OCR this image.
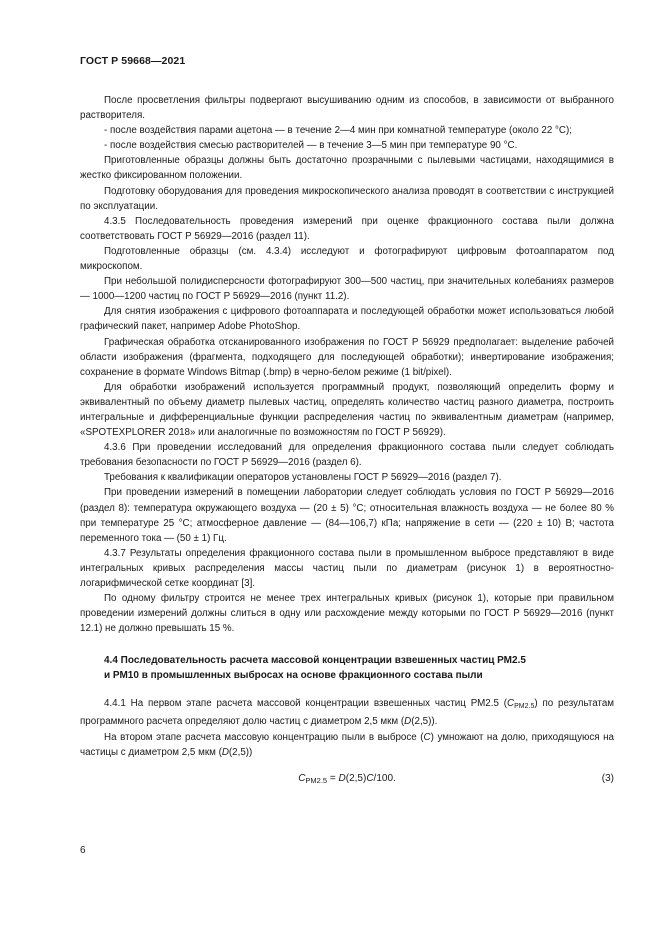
ГОСТ Р 59668—2021

После просветления фильтры подвергают высушиванию одним из способов, в зависимости от выбранного растворителя.

- после воздействия парами ацетона — в течение 2—4 мин при комнатной температуре (около 22 °С);

- после воздействия смесью растворителей — в течение 3—5 мин при температуре 90 °С.

Приготовленные образцы должны быть достаточно прозрачными с пылевыми частицами, находящимися в жестко фиксированном положении.

Подготовку оборудования для проведения микроскопического анализа проводят в соответствии с инструкцией по эксплуатации.

4.3.5 Последовательность проведения измерений при оценке фракционного состава пыли должна соответствовать ГОСТ Р 56929—2016 (раздел 11).

Подготовленные образцы (см. 4.3.4) исследуют и фотографируют цифровым фотоаппаратом под микроскопом.

При небольшой полидисперсности фотографируют 300—500 частиц, при значительных колебаниях размеров — 1000—1200 частиц по ГОСТ Р 56929—2016 (пункт 11.2).

Для снятия изображения с цифрового фотоаппарата и последующей обработки может использоваться любой графический пакет, например Adobe PhotoShop.

Графическая обработка отсканированного изображения по ГОСТ Р 56929 предполагает: выделение рабочей области изображения (фрагмента, подходящего для последующей обработки); инвертирование изображения; сохранение в формате Windows Bitmap (.bmp) в черно-белом режиме (1 bit/pixel).

Для обработки изображений используется программный продукт, позволяющий определить форму и эквивалентный по объему диаметр пылевых частиц, определять количество частиц разного диаметра, построить интегральные и дифференциальные функции распределения частиц по эквивалентным диаметрам (например, «SPOTEXPLORER 2018» или аналогичные по возможностям по ГОСТ Р 56929).

4.3.6 При проведении исследований для определения фракционного состава пыли следует соблюдать требования безопасности по ГОСТ Р 56929—2016 (раздел 6).

Требования к квалификации операторов установлены ГОСТ Р 56929—2016 (раздел 7).

При проведении измерений в помещении лаборатории следует соблюдать условия по ГОСТ Р 56929—2016 (раздел 8): температура окружающего воздуха — (20 ± 5) °С; относительная влажность воздуха — не более 80 % при температуре 25 °С; атмосферное давление — (84—106,7) кПа; напряжение в сети — (220 ± 10) В; частота переменного тока — (50 ± 1) Гц.

4.3.7 Результаты определения фракционного состава пыли в промышленном выбросе представляют в виде интегральных кривых распределения массы частиц пыли по диаметрам (рисунок 1) в вероятностно-логарифмической сетке координат [3].

По одному фильтру строится не менее трех интегральных кривых (рисунок 1), которые при правильном проведении измерений должны слиться в одну или расхождение между которыми по ГОСТ Р 56929—2016 (пункт 12.1) не должно превышать 15 %.

4.4 Последовательность расчета массовой концентрации взвешенных частиц РМ2.5
и РМ10 в промышленных выбросах на основе фракционного состава пыли

4.4.1 На первом этапе расчета массовой концентрации взвешенных частиц РМ2.5 $(C_{PM2.5})$ по результатам программного расчета определяют долю частиц с диаметром 2,5 мкм (D(2,5)).

На втором этапе расчета массовую концентрацию пыли в выбросе (C) умножают на долю, приходящуюся на частицы с диаметром 2,5 мкм (D(2,5))

$C_{PM2.5} = D(2,5)C/100$.	(3)
6
